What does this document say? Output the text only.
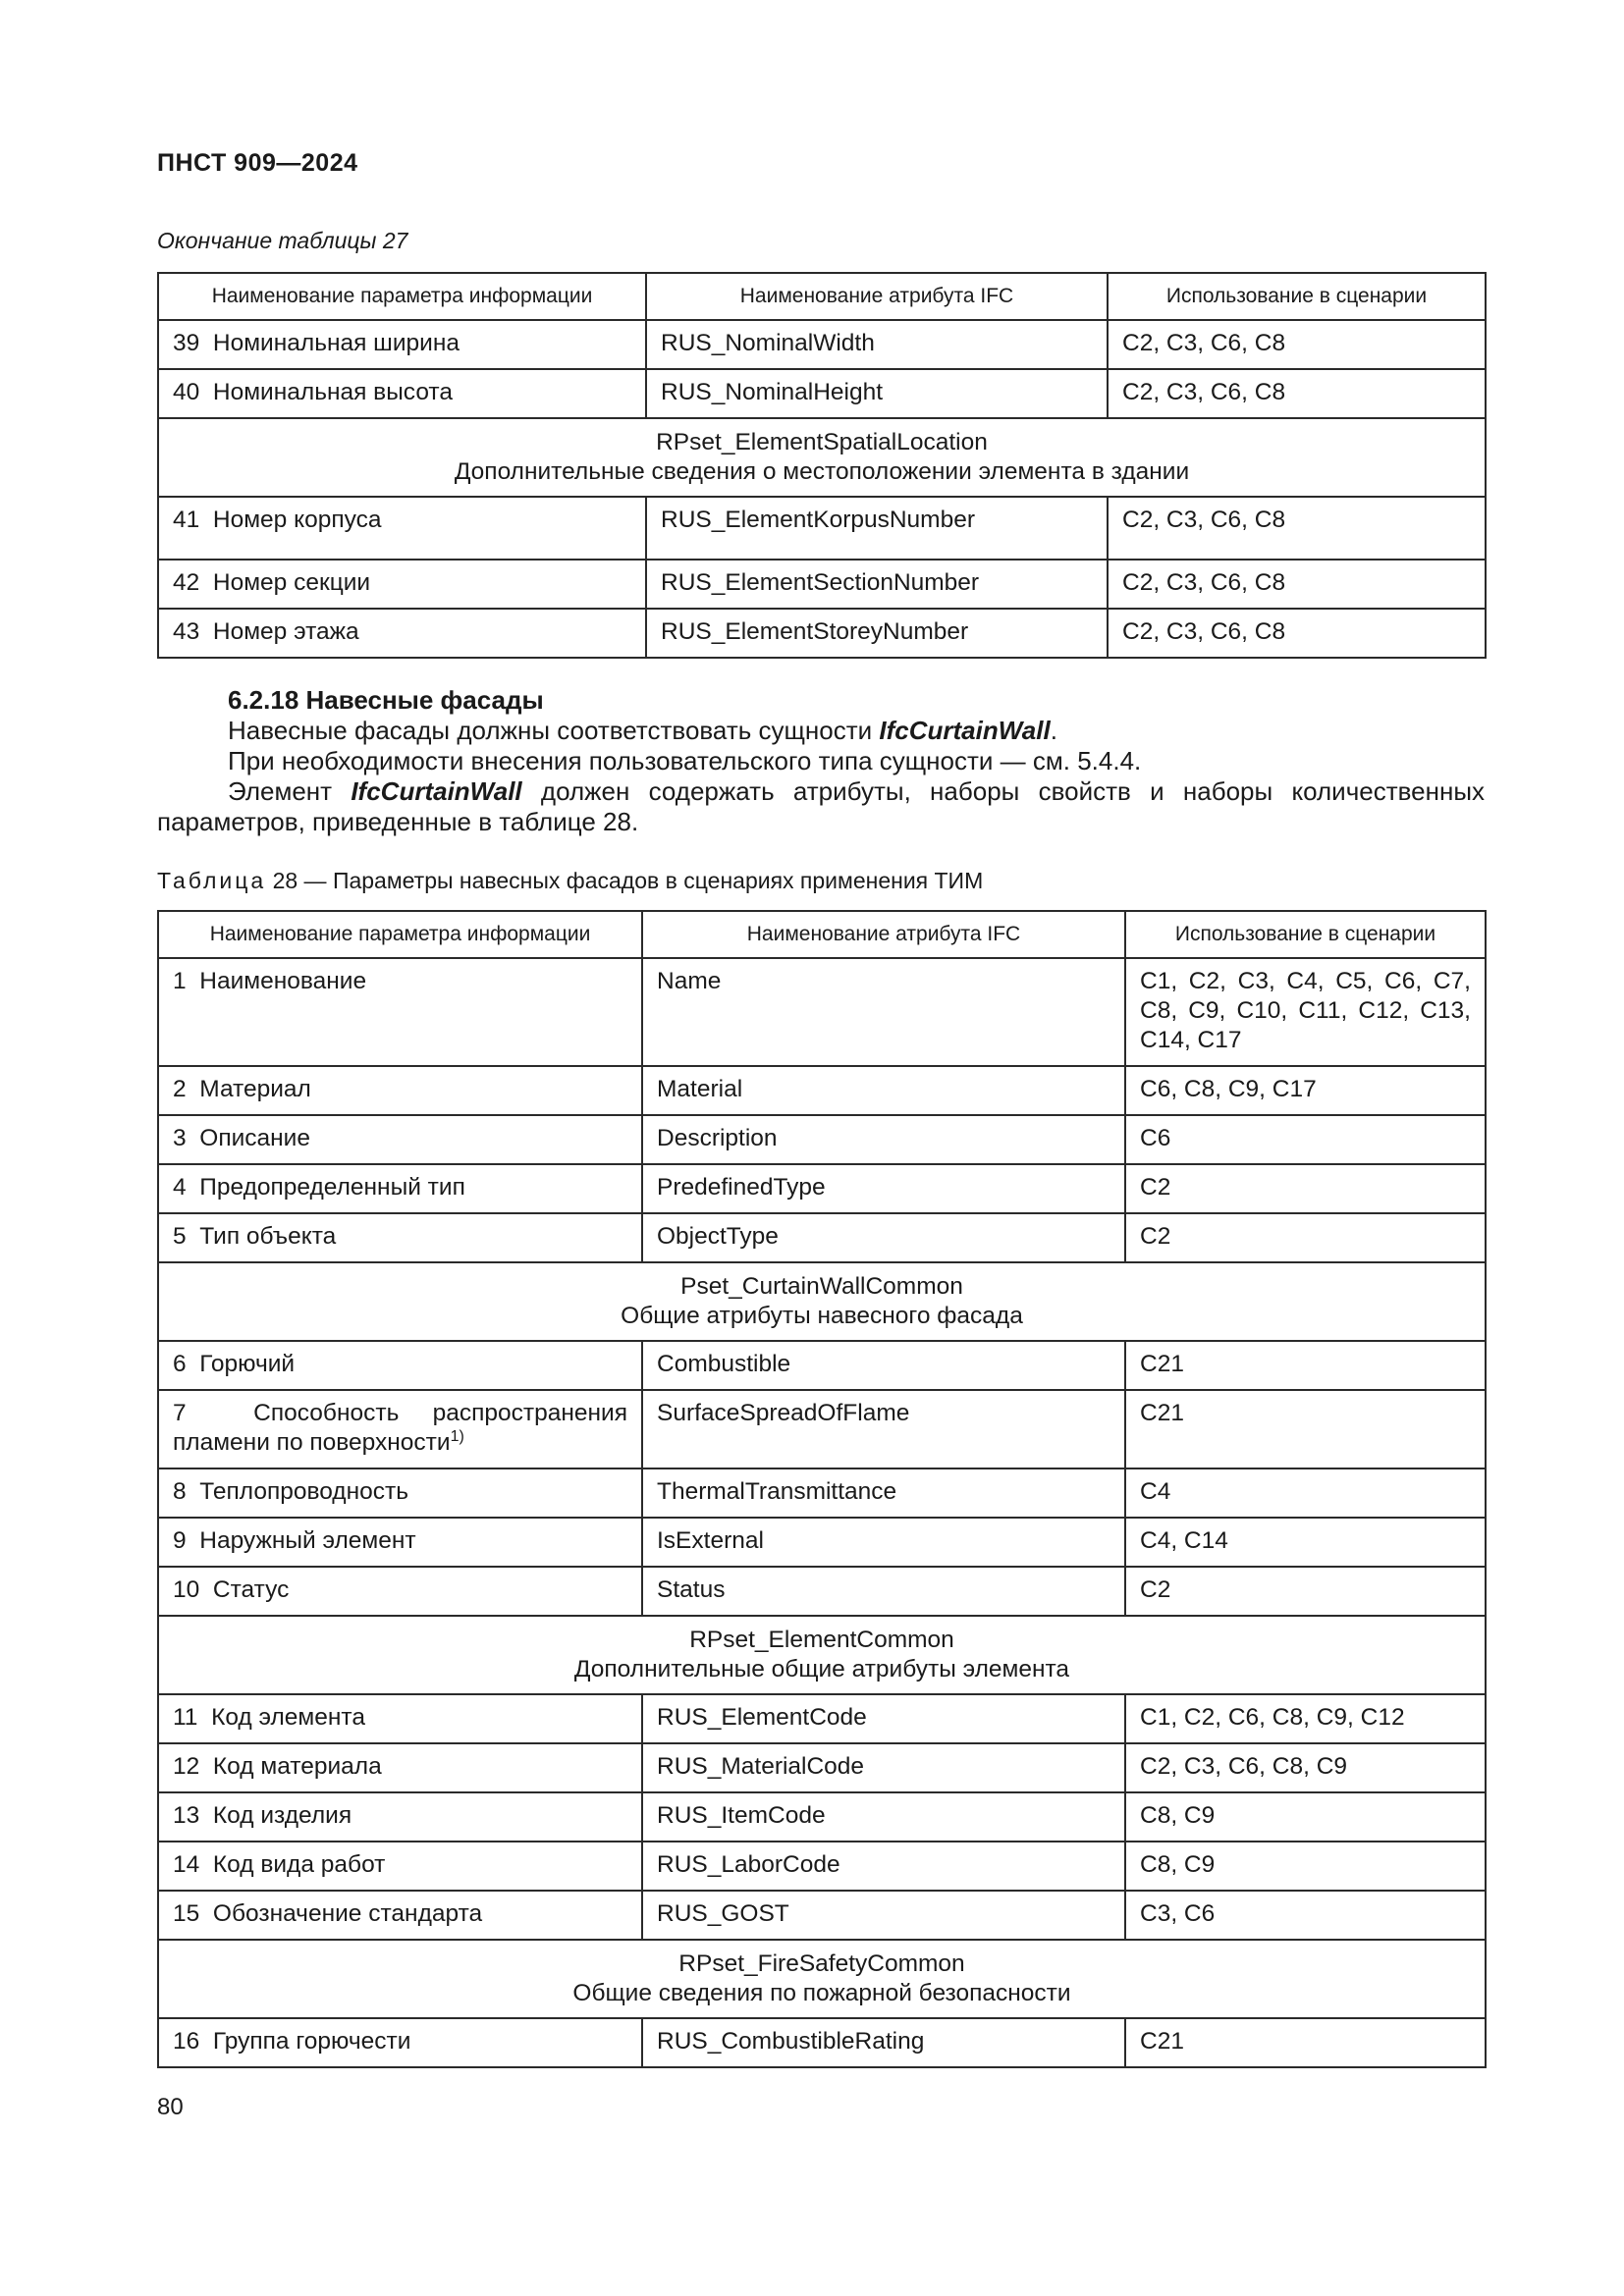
ПНСТ 909—2024
Окончание таблицы 27
Наименование параметра информации	Наименование атрибута IFC	Использование в сценарии
39 Номинальная ширина	RUS_NominalWidth	C2, C3, C6, C8
40 Номинальная высота	RUS_NominalHeight	C2, C3, C6, C8

RPset_ElementSpatialLocation
Дополнительные сведения о местоположении элемента в здании		

41 Номер корпуса	RUS_ElementKorpusNumber	C2, C3, C6, C8
42 Номер секции	RUS_ElementSectionNumber	C2, C3, C6, C8
43 Номер этажа	RUS_ElementStoreyNumber	C2, C3, C6, C8

6.2.18 Навесные фасады

Навесные фасады должны соответствовать сущности IfcCurtainWall.

При необходимости внесения пользовательского типа сущности — см. 5.4.4.

Элемент IfcCurtainWall должен содержать атрибуты, наборы свойств и наборы количественных параметров, приведенные в таблице 28.

Таблица 28 — Параметры навесных фасадов в сценариях применения ТИМ
Наименование параметра информации	Наименование атрибута IFC	Использование в сценарии
1 Наименование	Name	C1, C2, C3, C4, C5, C6, C7, C8, C9, C10, C11, C12, C13, C14, C17
2 Материал	Material	C6, C8, C9, C17
3 Описание	Description	C6
4 Предопределенный тип	PredefinedType	C2
5 Тип объекта	ObjectType	C2

Pset_CurtainWallCommon
Общие атрибуты навесного фасада		

6 Горючий	Combustible	C21
7 Способность распространения пламени по поверхности$^{1)}$	SurfaceSpreadOfFlame	C21
8 Теплопроводность	ThermalTransmittance	C4
9 Наружный элемент	IsExternal	C4, C14
10 Статус	Status	C2

RPset_ElementCommon
Дополнительные общие атрибуты элемента		

11 Код элемента	RUS_ElementCode	C1, C2, C6, C8, C9, C12
12 Код материала	RUS_MaterialCode	C2, C3, C6, C8, C9
13 Код изделия	RUS_ItemCode	C8, C9
14 Код вида работ	RUS_LaborCode	C8, C9
15 Обозначение стандарта	RUS_GOST	C3, C6

RPset_FireSafetyCommon
Общие сведения по пожарной безопасности		

16 Группа горючести	RUS_CombustibleRating	C21
80
